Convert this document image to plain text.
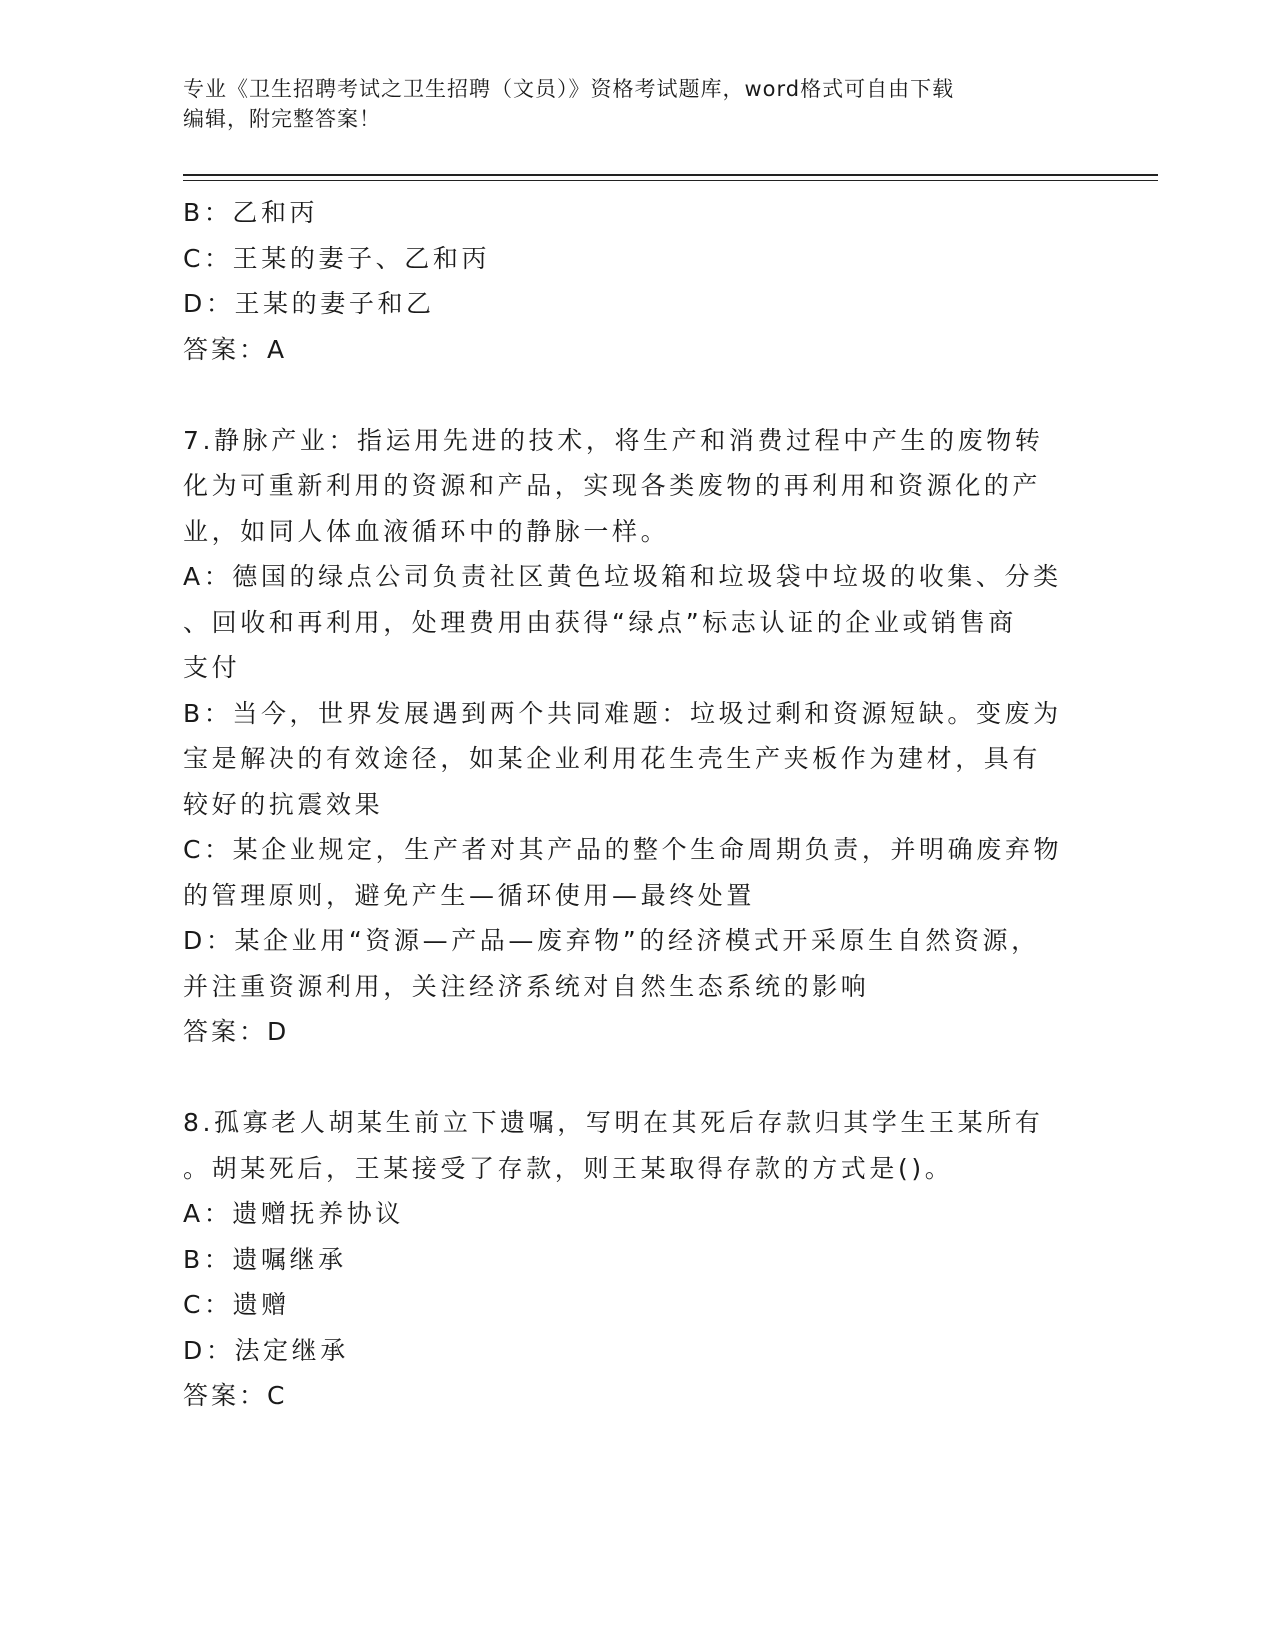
专业《卫生招聘考试之卫生招聘（文员）》资格考试题库，word格式可自由下载
编辑，附完整答案！
B：乙和丙
C：王某的妻子、乙和丙
D：王某的妻子和乙
答案：A
7.静脉产业：指运用先进的技术，将生产和消费过程中产生的废物转
化为可重新利用的资源和产品，实现各类废物的再利用和资源化的产
业，如同人体血液循环中的静脉一样。
A：德国的绿点公司负责社区黄色垃圾箱和垃圾袋中垃圾的收集、分类
、回收和再利用，处理费用由获得“绿点”标志认证的企业或销售商
支付
B：当今，世界发展遇到两个共同难题：垃圾过剩和资源短缺。变废为
宝是解决的有效途径，如某企业利用花生壳生产夹板作为建材，具有
较好的抗震效果
C：某企业规定，生产者对其产品的整个生命周期负责，并明确废弃物
的管理原则，避免产生—循环使用—最终处置
D：某企业用“资源—产品—废弃物”的经济模式开采原生自然资源，
并注重资源利用，关注经济系统对自然生态系统的影响
答案：D
8.孤寡老人胡某生前立下遗嘱，写明在其死后存款归其学生王某所有
。胡某死后，王某接受了存款，则王某取得存款的方式是()。
A：遗赠抚养协议
B：遗嘱继承
C：遗赠
D：法定继承
答案：C
